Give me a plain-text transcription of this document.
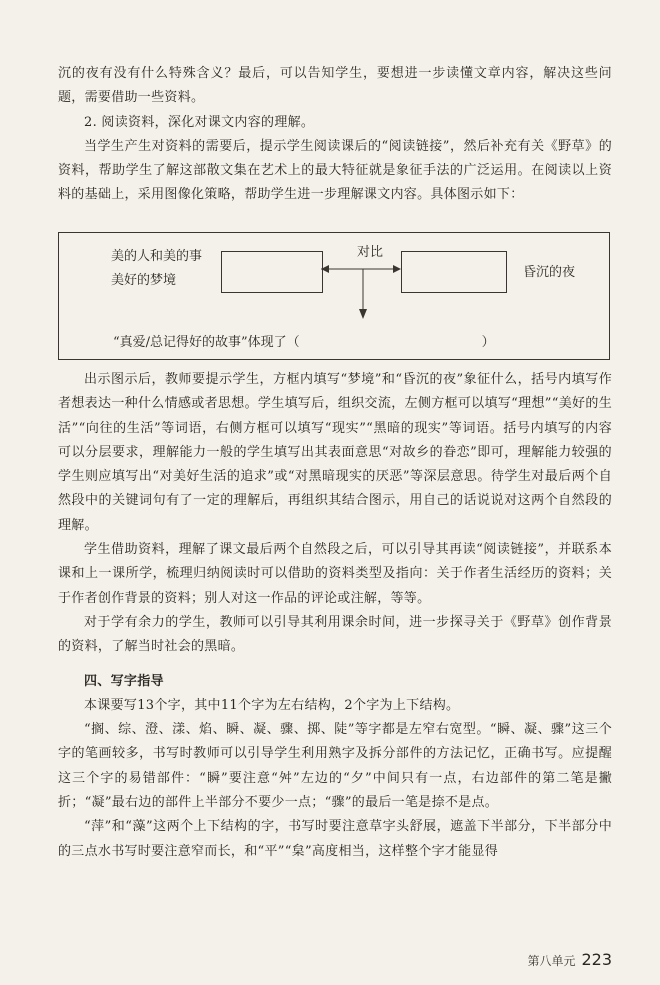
沉的夜有没有什么特殊含义？最后，可以告知学生，要想进一步读懂文章内容，解决这些问题，需要借助一些资料。

2. 阅读资料，深化对课文内容的理解。

当学生产生对资料的需要后，提示学生阅读课后的“阅读链接”，然后补充有关《野草》的资料，帮助学生了解这部散文集在艺术上的最大特征就是象征手法的广泛运用。在阅读以上资料的基础上，采用图像化策略，帮助学生进一步理解课文内容。具体图示如下：

美的人和美的事
美好的梦境
对比
昏沉的夜
“真爱/总记得好的故事”体现了（　　　　　　　　　　　　　　）

出示图示后，教师要提示学生，方框内填写“梦境”和“昏沉的夜”象征什么，括号内填写作者想表达一种什么情感或者思想。学生填写后，组织交流，左侧方框可以填写“理想”“美好的生活”“向往的生活”等词语，右侧方框可以填写“现实”“黑暗的现实”等词语。括号内填写的内容可以分层要求，理解能力一般的学生填写出其表面意思“对故乡的眷恋”即可，理解能力较强的学生则应填写出“对美好生活的追求”或“对黑暗现实的厌恶”等深层意思。待学生对最后两个自然段中的关键词句有了一定的理解后，再组织其结合图示，用自己的话说说对这两个自然段的理解。

学生借助资料，理解了课文最后两个自然段之后，可以引导其再读“阅读链接”，并联系本课和上一课所学，梳理归纳阅读时可以借助的资料类型及指向：关于作者生活经历的资料；关于作者创作背景的资料；别人对这一作品的评论或注解，等等。

对于学有余力的学生，教师可以引导其利用课余时间，进一步探寻关于《野草》创作背景的资料，了解当时社会的黑暗。

四、写字指导

本课要写13个字，其中11个字为左右结构，2个字为上下结构。

“搁、综、澄、漾、焰、瞬、凝、骤、掷、陡”等字都是左窄右宽型。“瞬、凝、骤”这三个字的笔画较多，书写时教师可以引导学生利用熟字及拆分部件的方法记忆，正确书写。应提醒这三个字的易错部件：“瞬”要注意“舛”左边的“夕”中间只有一点，右边部件的第二笔是撇折；“凝”最右边的部件上半部分不要少一点；“骤”的最后一笔是捺不是点。

“萍”和“藻”这两个上下结构的字，书写时要注意草字头舒展，遮盖下半部分，下半部分中的三点水书写时要注意窄而长，和“平”“枲”高度相当，这样整个字才能显得

第八单元 223
